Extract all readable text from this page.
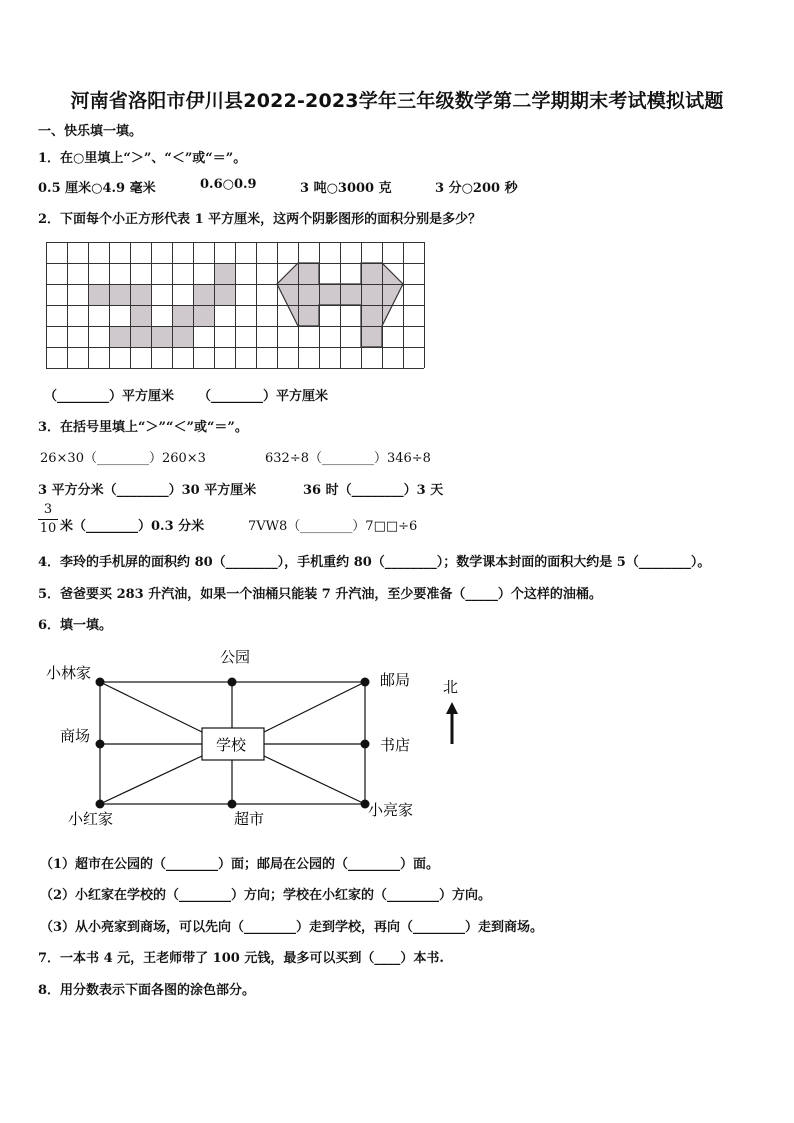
河南省洛阳市伊川县2022-2023学年三年级数学第二学期期末考试模拟试题
一、快乐填一填。
1．在○里填上“＞”、“＜”或“＝”。
0.5 厘米○4.9 毫米	0.6○0.9	3 吨○3000 克	3 分○200 秒
2．下面每个小正方形代表 1 平方厘米，这两个阴影图形的面积分别是多少？
（________）平方厘米 （________）平方厘米
3．在括号里填上“＞”“＜”或“＝”。
26×30（________）260×3	632÷8（________）346÷8
3 平方分米（________）30 平方厘米	36 时（________）3 天
3
10 米（________）0.3 分米	7VW8（________）7□□÷6
4．李玲的手机屏的面积约 80（________），手机重约 80（________）；数学课本封面的面积大约是 5（________）。
5．爸爸要买 283 升汽油，如果一个油桶只能装 7 升汽油，至少要准备（_____）个这样的油桶。
6．填一填。
公园
小林家	邮局
商场	学校	书店
小红家	超市	小亮家
北
（1）超市在公园的（________）面；邮局在公园的（________）面。
（2）小红家在学校的（________）方向；学校在小红家的（________）方向。
（3）从小亮家到商场，可以先向（________）走到学校，再向（________）走到商场。
7．一本书 4 元，王老师带了 100 元钱，最多可以买到（____）本书.
8．用分数表示下面各图的涂色部分。
